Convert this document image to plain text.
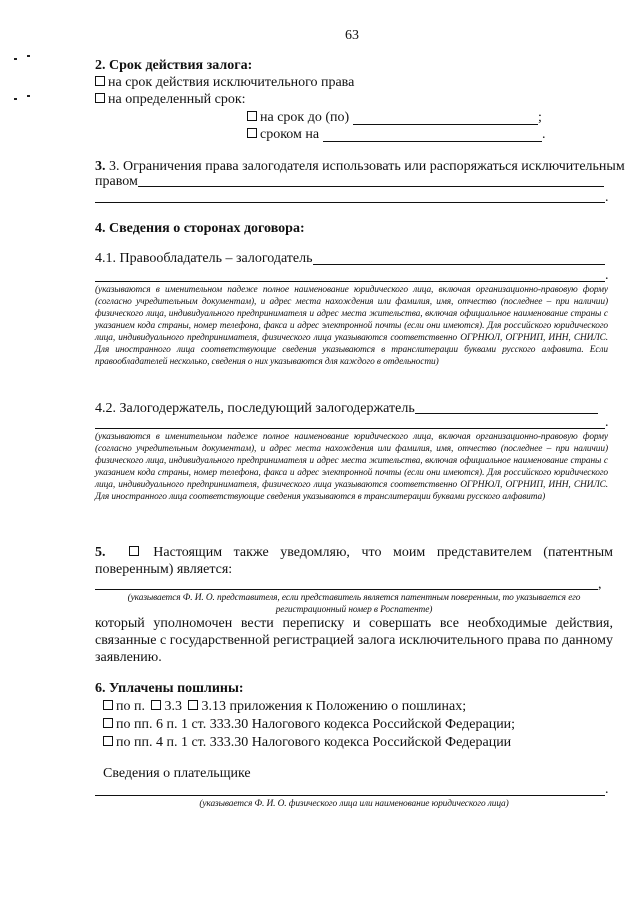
63
2. Срок действия залога:
на срок действия исключительного права
на определенный срок:
на срок до (по)	;
сроком на	.
3. 3. Ограничения права залогодателя использовать или распоряжаться исключительным
правом
.
4. Сведения о сторонах договора:
4.1. Правообладатель – залогодатель
.
(указываются в именительном падеже полное наименование юридического лица, включая организационно-правовую форму (согласно учредительным документам), и адрес места нахождения или фамилия, имя, отчество (последнее – при наличии) физического лица, индивидуального предпринимателя и адрес места жительства, включая официальное наименование страны с указанием кода страны, номер телефона, факса и адрес электронной почты (если они имеются). Для российского юридического лица, индивидуального предпринимателя, физического лица указываются соответственно ОГРНЮЛ, ОГРНИП, ИНН, СНИЛС. Для иностранного лица соответствующие сведения указываются в транслитерации буквами русского алфавита. Если правообладателей несколько, сведения о них указываются для каждого в отдельности)
4.2. Залогодержатель, последующий залогодержатель
.
(указываются в именительном падеже полное наименование юридического лица, включая организационно-правовую форму (согласно учредительным документам), и адрес места нахождения или фамилия, имя, отчество (последнее – при наличии) физического лица, индивидуального предпринимателя и адрес места жительства, включая официальное наименование страны с указанием кода страны, номер телефона, факса и адрес электронной почты (если они имеются). Для российского юридического лица, индивидуального предпринимателя, физического лица указываются соответственно ОГРНЮЛ, ОГРНИП, ИНН, СНИЛС. Для иностранного лица соответствующие сведения указываются в транслитерации буквами русского алфавита)
5.	Настоящим также уведомляю, что моим представителем (патентным поверенным) является:
,
(указывается Ф. И. О. представителя, если представитель является патентным поверенным, то указывается его регистрационный номер в Роспатенте)
который уполномочен вести переписку и совершать все необходимые действия, связанные с государственной регистрацией залога исключительного права по данному заявлению.
6. Уплачены пошлины:
по п. 3.3 3.13 приложения к Положению о пошлинах;
по пп. 6 п. 1 ст. 333.30 Налогового кодекса Российской Федерации;
по пп. 4 п. 1 ст. 333.30 Налогового кодекса Российской Федерации
Сведения о плательщике
.
(указывается Ф. И. О. физического лица или наименование юридического лица)
